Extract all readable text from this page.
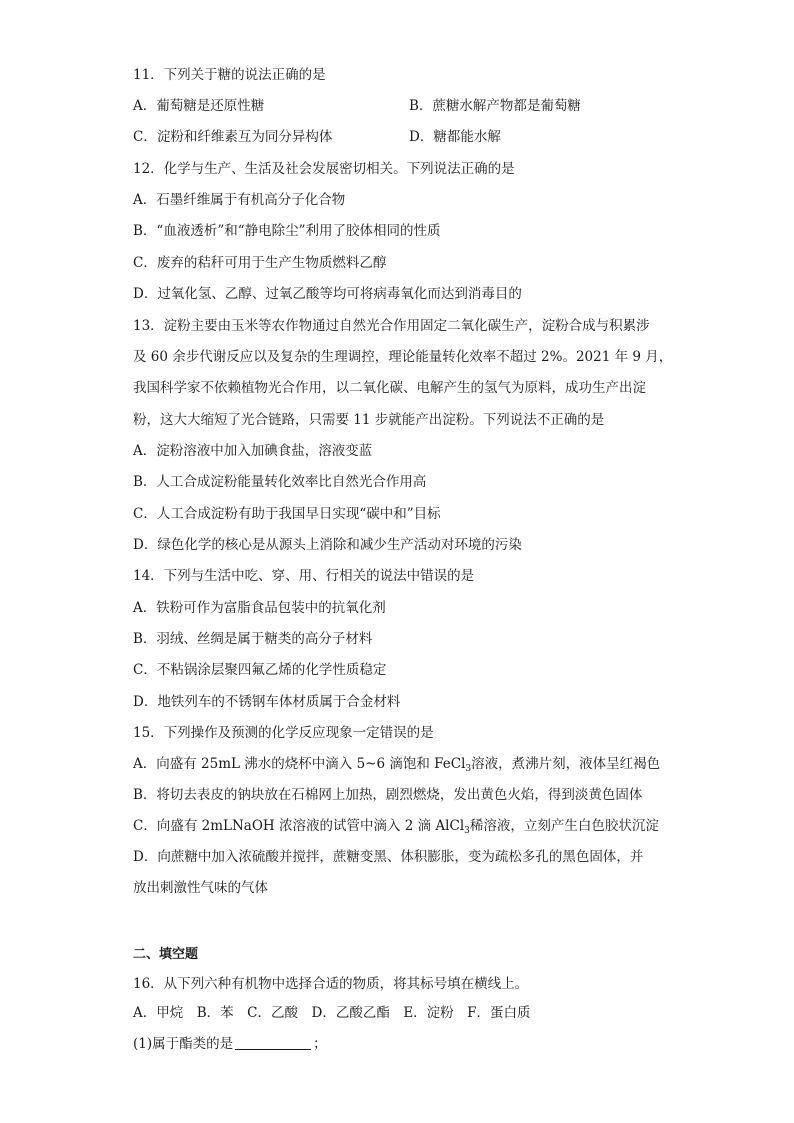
11．下列关于糖的说法正确的是
A．葡萄糖是还原性糖	B．蔗糖水解产物都是葡萄糖
C．淀粉和纤维素互为同分异构体	D．糖都能水解
12．化学与生产、生活及社会发展密切相关。下列说法正确的是
A．石墨纤维属于有机高分子化合物
B．“血液透析”和“静电除尘”利用了胶体相同的性质
C．废弃的秸秆可用于生产生物质燃料乙醇
D．过氧化氢、乙醇、过氧乙酸等均可将病毒氧化而达到消毒目的
13．淀粉主要由玉米等农作物通过自然光合作用固定二氧化碳生产，淀粉合成与积累涉
及 60 余步代谢反应以及复杂的生理调控，理论能量转化效率不超过 2%。2021 年 9 月，
我国科学家不依赖植物光合作用，以二氧化碳、电解产生的氢气为原料，成功生产出淀
粉，这大大缩短了光合链路，只需要 11 步就能产出淀粉。下列说法不正确的是
A．淀粉溶液中加入加碘食盐，溶液变蓝
B．人工合成淀粉能量转化效率比自然光合作用高
C．人工合成淀粉有助于我国早日实现“碳中和”目标
D．绿色化学的核心是从源头上消除和减少生产活动对环境的污染
14．下列与生活中吃、穿、用、行相关的说法中错误的是
A．铁粉可作为富脂食品包装中的抗氧化剂
B．羽绒、丝绸是属于糖类的高分子材料
C．不粘锅涂层聚四氟乙烯的化学性质稳定
D．地铁列车的不锈钢车体材质属于合金材料
15．下列操作及预测的化学反应现象一定错误的是
A．向盛有 25mL 沸水的烧杯中滴入 5~6 滴饱和 FeCl$_3$溶液，煮沸片刻，液体呈红褐色
B．将切去表皮的钠块放在石棉网上加热，剧烈燃烧，发出黄色火焰，得到淡黄色固体
C．向盛有 2mLNaOH 浓溶液的试管中滴入 2 滴 AlCl$_3$稀溶液，立刻产生白色胶状沉淀
D．向蔗糖中加入浓硫酸并搅拌，蔗糖变黑、体积膨胀，变为疏松多孔的黑色固体，并
放出刺激性气味的气体
二、填空题
16．从下列六种有机物中选择合适的物质，将其标号填在横线上。
A．甲烷　B．苯　C．乙酸　D．乙酸乙酯　E．淀粉　F．蛋白质
(1)属于酯类的是	；
